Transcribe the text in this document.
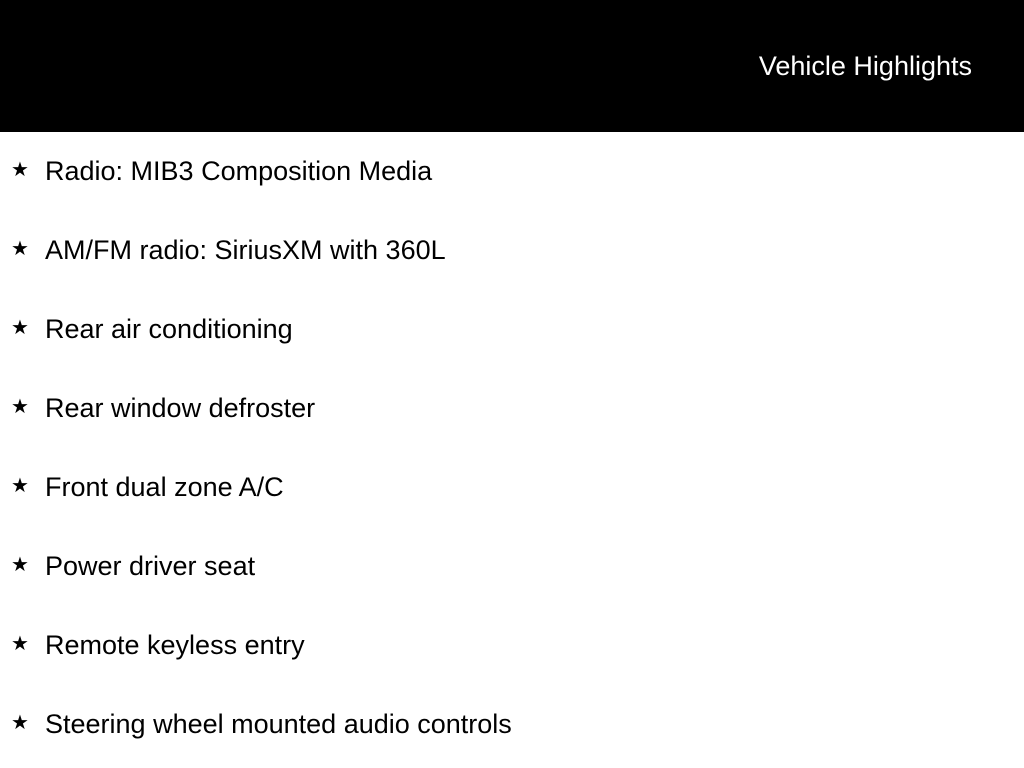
Vehicle Highlights
★ Radio: MIB3 Composition Media
★ AM/FM radio: SiriusXM with 360L
★ Rear air conditioning
★ Rear window defroster
★ Front dual zone A/C
★ Power driver seat
★ Remote keyless entry
★ Steering wheel mounted audio controls
